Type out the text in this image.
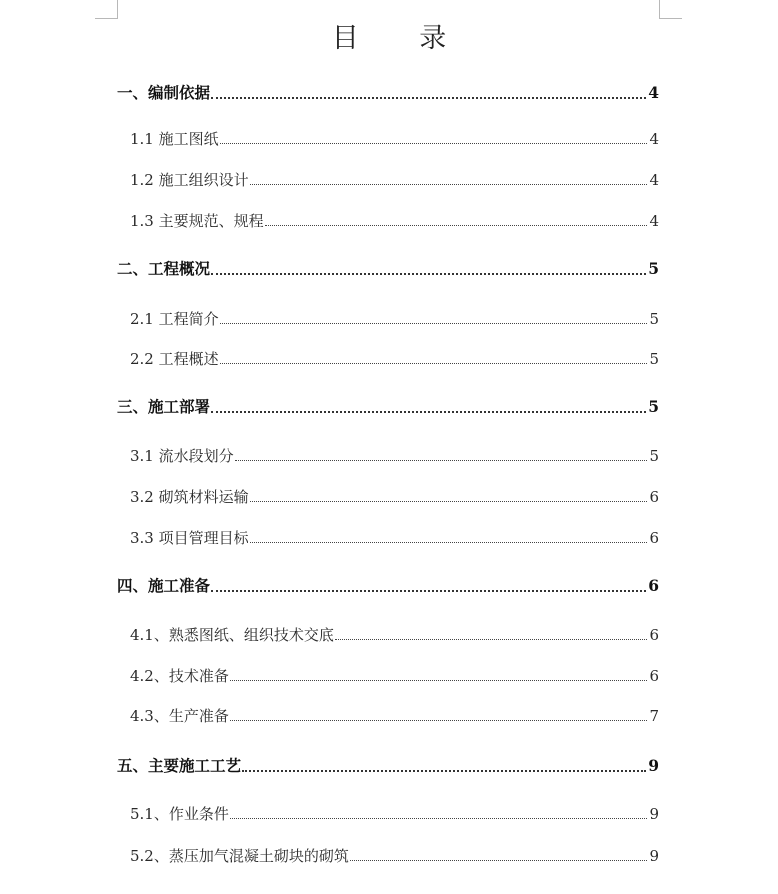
目 录
一、编制依据	4
1.1 施工图纸	4
1.2 施工组织设计	4
1.3 主要规范、规程	4
二、工程概况	5
2.1 工程简介	5
2.2 工程概述	5
三、施工部署	5
3.1 流水段划分	5
3.2 砌筑材料运输	6
3.3 项目管理目标	6
四、施工准备	6
4.1、熟悉图纸、组织技术交底	6
4.2、技术准备	6
4.3、生产准备	7
五、主要施工工艺	9
5.1、作业条件	9
5.2、蒸压加气混凝土砌块的砌筑	9
